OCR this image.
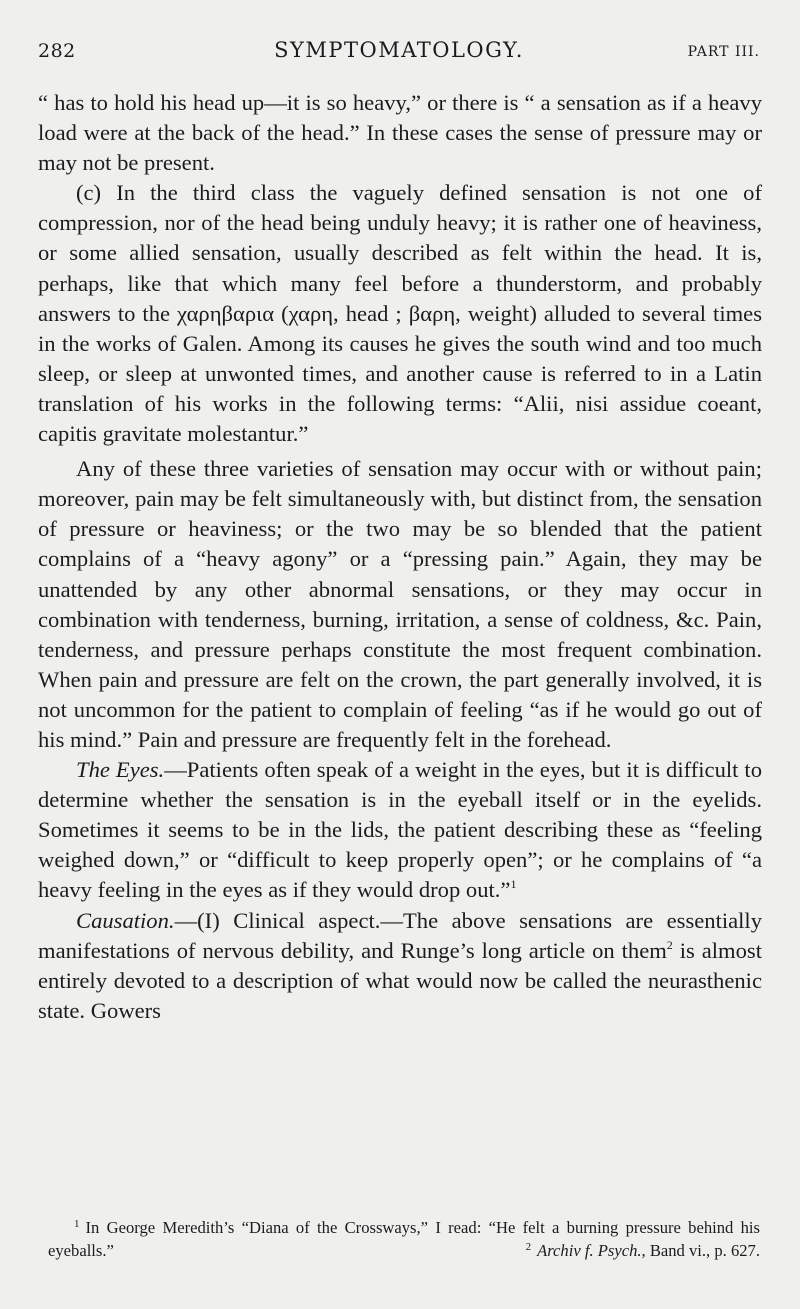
282	SYMPTOMATOLOGY.	PART III.

“ has to hold his head up—it is so heavy,” or there is “ a sensation as if a heavy load were at the back of the head.” In these cases the sense of pressure may or may not be present.

(c) In the third class the vaguely defined sensation is not one of compression, nor of the head being unduly heavy; it is rather one of heaviness, or some allied sensation, usually described as felt within the head. It is, perhaps, like that which many feel before a thunderstorm, and probably answers to the χαρηβαρια (χαρη, head ; βαρη, weight) alluded to several times in the works of Galen. Among its causes he gives the south wind and too much sleep, or sleep at unwonted times, and another cause is referred to in a Latin translation of his works in the following terms: “Alii, nisi assidue coeant, capitis gravitate molestantur.”

Any of these three varieties of sensation may occur with or without pain; moreover, pain may be felt simultaneously with, but distinct from, the sensation of pressure or heaviness; or the two may be so blended that the patient complains of a “heavy agony” or a “pressing pain.” Again, they may be unattended by any other abnormal sensations, or they may occur in combination with tenderness, burning, irritation, a sense of coldness, &c. Pain, tenderness, and pressure perhaps constitute the most frequent combination. When pain and pressure are felt on the crown, the part generally involved, it is not uncommon for the patient to complain of feeling “as if he would go out of his mind.” Pain and pressure are frequently felt in the forehead.

The Eyes.—Patients often speak of a weight in the eyes, but it is difficult to determine whether the sensation is in the eyeball itself or in the eyelids. Sometimes it seems to be in the lids, the patient describing these as “feeling weighed down,” or “difficult to keep properly open”; or he complains of “a heavy feeling in the eyes as if they would drop out.”$^1$

Causation.—(I) Clinical aspect.—The above sensations are essentially manifestations of nervous debility, and Runge’s long article on them$^2$ is almost entirely devoted to a description of what would now be called the neurasthenic state. Gowers

$^1$ In George Meredith’s “Diana of the Crossways,” I read: “He felt a burning pressure behind his eyeballs.”	$^2$ Archiv f. Psych., Band vi., p. 627.
